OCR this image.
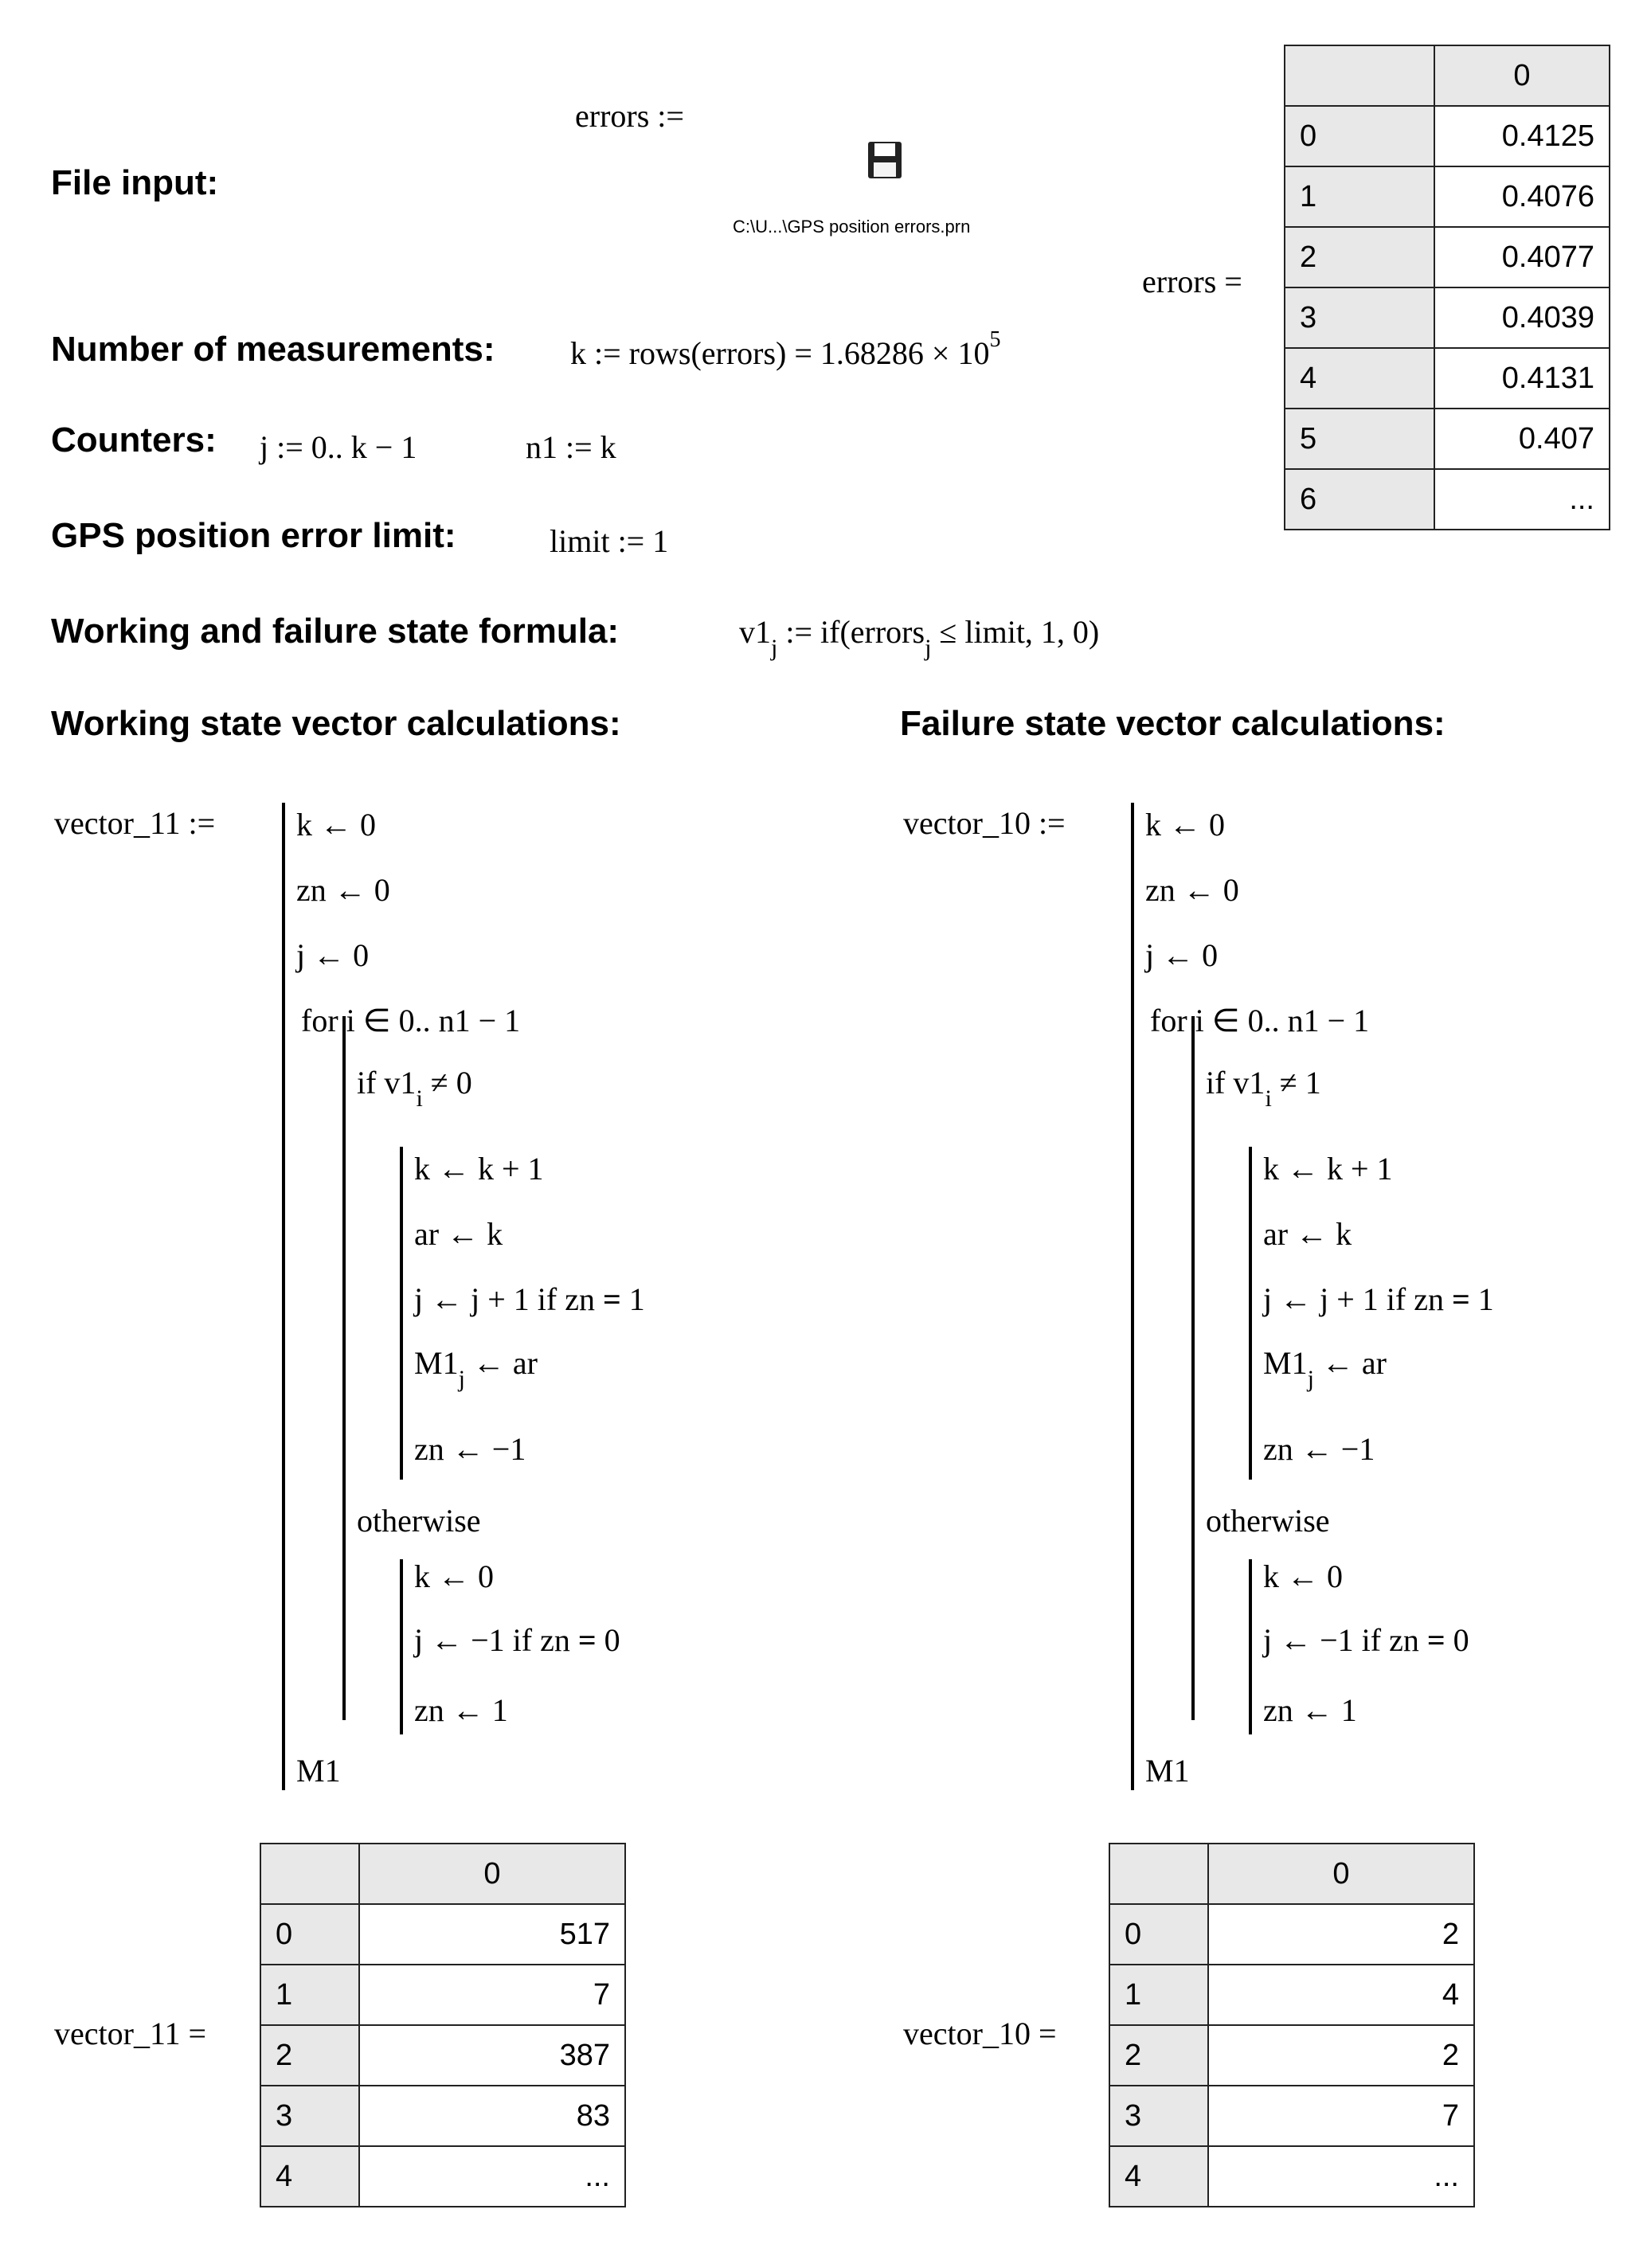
errors :=
File input:
C:\U...\GPS position errors.prn
errors =
	0
0	0.4125
1	0.4076
2	0.4077
3	0.4039
4	0.4131
5	0.407
6	...
Number of measurements: k := rows(errors) = $1.68286 \times 10^5$
Counters: j := 0.. k − 1	n1 := k
GPS position error limit:	limit := 1
Working and failure state formula:	$v1_j$ := if(errors$_j$ ≤ limit, 1, 0)
Working state vector calculations:	Failure state vector calculations:
vector_11 :=	k ← 0
zn ← 0
j ← 0
for i ∈ 0.. n1 − 1
if $v1_i \ne 0$
k ← k + 1
ar ← k
j ← j + 1 if zn = 1
$M1_j$ ← ar
zn ← −1
otherwise
k ← 0
j ← −1 if zn = 0
zn ← 1
M1
vector_10 :=	k ← 0
zn ← 0
j ← 0
for i ∈ 0.. n1 − 1
if $v1_i \ne 1$
k ← k + 1
ar ← k
j ← j + 1 if zn = 1
$M1_j$ ← ar
zn ← −1
otherwise
k ← 0
j ← −1 if zn = 0
zn ← 1
M1
vector_11 =
	0
0	517
1	7
2	387
3	83
4	...
vector_10 =
	0
0	2
1	4
2	2
3	7
4	...
